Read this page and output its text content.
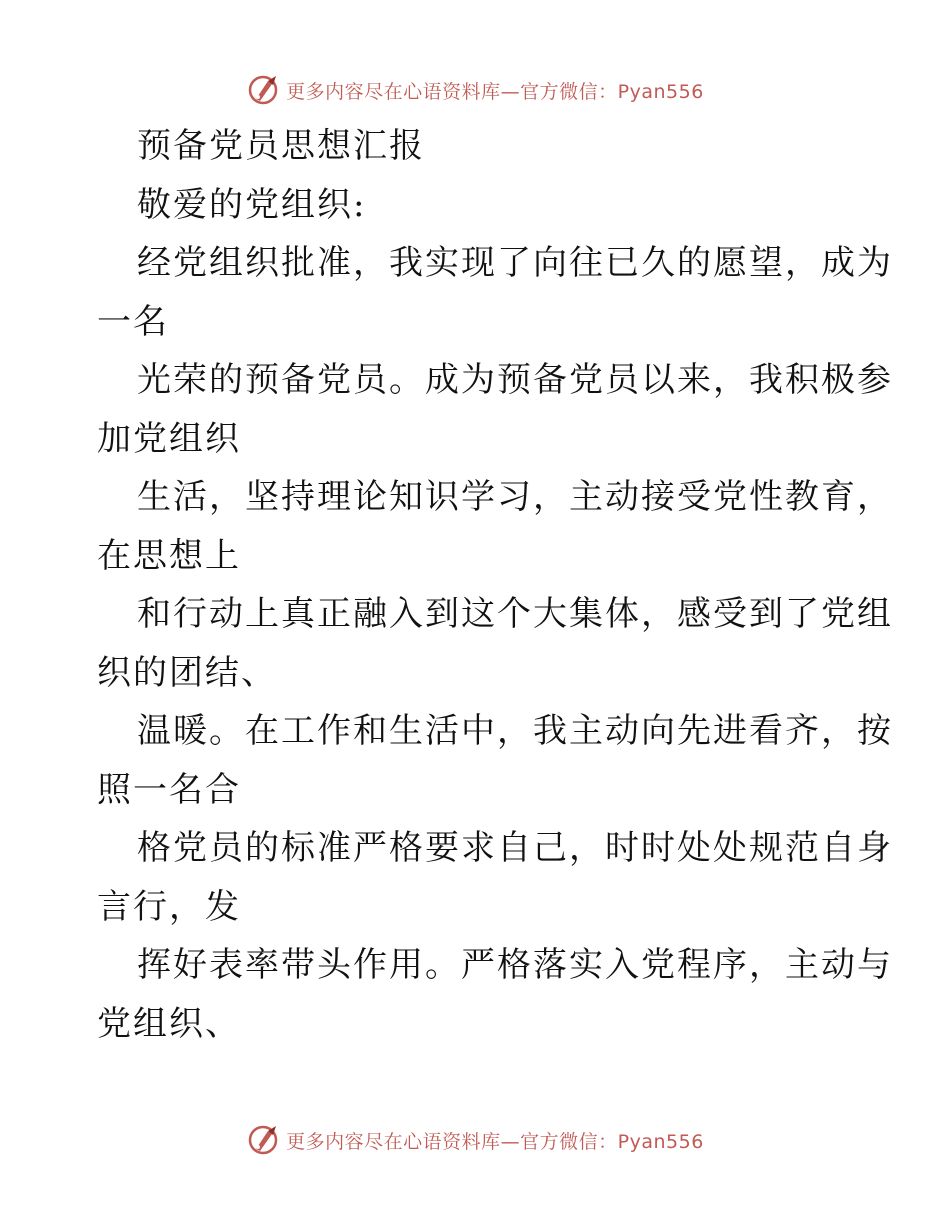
更多内容尽在心语资料库—官方微信：Pyan556
预备党员思想汇报
敬爱的党组织:
经党组织批准，我实现了向往已久的愿望，成为
一名
光荣的预备党员。成为预备党员以来，我积极参
加党组织
生活，坚持理论知识学习，主动接受党性教育，
在思想上
和行动上真正融入到这个大集体，感受到了党组
织的团结、
温暖。在工作和生活中，我主动向先进看齐，按
照一名合
格党员的标准严格要求自己，时时处处规范自身
言行，发
挥好表率带头作用。严格落实入党程序，主动与
党组织、
更多内容尽在心语资料库—官方微信：Pyan556
